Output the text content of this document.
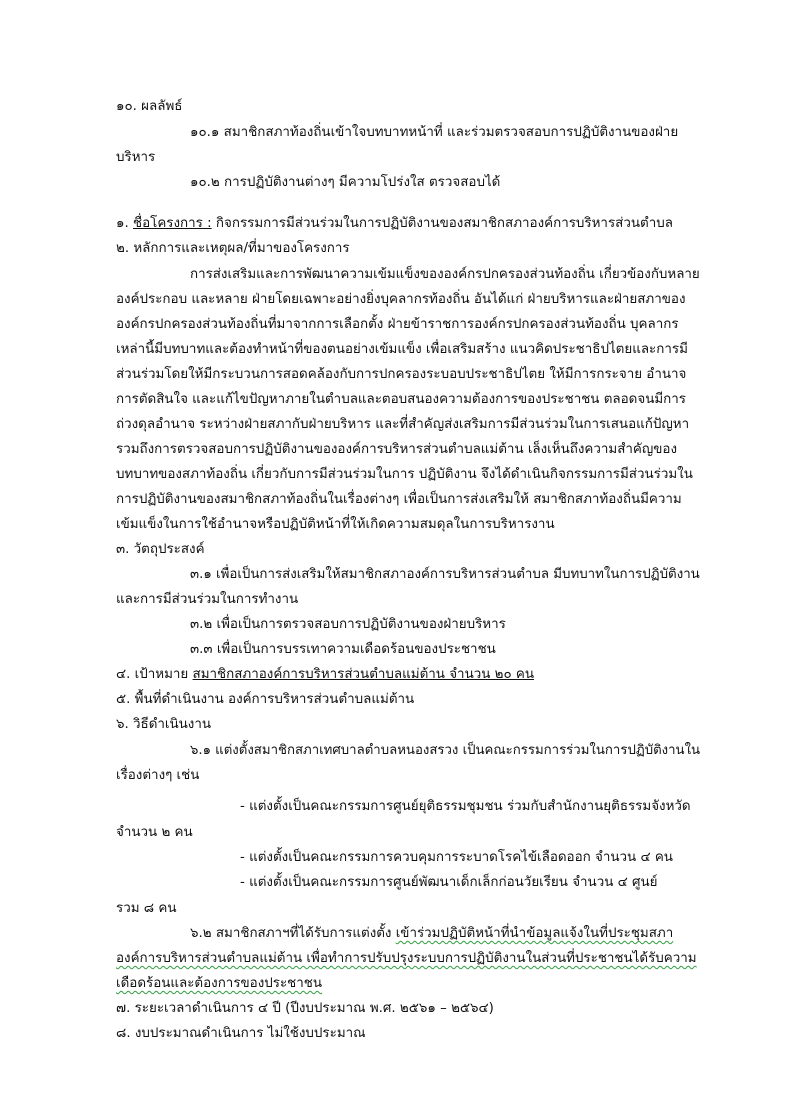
๑๐. ผลลัพธ์
๑๐.๑ สมาชิกสภาท้องถิ่นเข้าใจบทบาทหน้าที่ และร่วมตรวจสอบการปฏิบัติงานของฝ่าย
บริหาร
๑๐.๒ การปฏิบัติงานต่างๆ มีความโปร่งใส ตรวจสอบได้
๑. ชื่อโครงการ : กิจกรรมการมีส่วนร่วมในการปฏิบัติงานของสมาชิกสภาองค์การบริหารส่วนตำบล
๒. หลักการและเหตุผล/ที่มาของโครงการ
การส่งเสริมและการพัฒนาความเข้มแข็งขององค์กรปกครองส่วนท้องถิ่น เกี่ยวข้องกับหลาย
องค์ประกอบ และหลาย ฝ่ายโดยเฉพาะอย่างยิ่งบุคลากรท้องถิ่น อันได้แก่ ฝ่ายบริหารและฝ่ายสภาของ
องค์กรปกครองส่วนท้องถิ่นที่มาจากการเลือกตั้ง ฝ่ายข้าราชการองค์กรปกครองส่วนท้องถิ่น บุคลากร
เหล่านี้มีบทบาทและต้องทำหน้าที่ของตนอย่างเข้มแข็ง เพื่อเสริมสร้าง แนวคิดประชาธิปไตยและการมี
ส่วนร่วมโดยให้มีกระบวนการสอดคล้องกับการปกครองระบอบประชาธิปไตย ให้มีการกระจาย อำนาจ
การตัดสินใจ และแก้ไขปัญหาภายในตำบลและตอบสนองความต้องการของประชาชน ตลอดจนมีการ
ถ่วงดุลอำนาจ ระหว่างฝ่ายสภากับฝ่ายบริหาร และที่สำคัญส่งเสริมการมีส่วนร่วมในการเสนอแก้ปัญหา
รวมถึงการตรวจสอบการปฏิบัติงานขององค์การบริหารส่วนตำบลแม่ต้าน เล็งเห็นถึงความสำคัญของ
บทบาทของสภาท้องถิ่น เกี่ยวกับการมีส่วนร่วมในการ ปฏิบัติงาน จึงได้ดำเนินกิจกรรมการมีส่วนร่วมใน
การปฏิบัติงานของสมาชิกสภาท้องถิ่นในเรื่องต่างๆ เพื่อเป็นการส่งเสริมให้ สมาชิกสภาท้องถิ่นมีความ
เข้มแข็งในการใช้อำนาจหรือปฏิบัติหน้าที่ให้เกิดความสมดุลในการบริหารงาน
๓. วัตถุประสงค์
๓.๑ เพื่อเป็นการส่งเสริมให้สมาชิกสภาองค์การบริหารส่วนตำบล มีบทบาทในการปฏิบัติงาน
และการมีส่วนร่วมในการทำงาน
๓.๒ เพื่อเป็นการตรวจสอบการปฏิบัติงานของฝ่ายบริหาร
๓.๓ เพื่อเป็นการบรรเทาความเดือดร้อนของประชาชน
๔. เป้าหมาย สมาชิกสภาองค์การบริหารส่วนตำบลแม่ต้าน จำนวน ๒๐ คน
๕. พื้นที่ดำเนินงาน องค์การบริหารส่วนตำบลแม่ต้าน
๖. วิธีดำเนินงาน
๖.๑ แต่งตั้งสมาชิกสภาเทศบาลตำบลหนองสรวง เป็นคณะกรรมการร่วมในการปฏิบัติงานใน
เรื่องต่างๆ เช่น
- แต่งตั้งเป็นคณะกรรมการศูนย์ยุติธรรมชุมชน ร่วมกับสำนักงานยุติธรรมจังหวัด
จำนวน ๒ คน
- แต่งตั้งเป็นคณะกรรมการควบคุมการระบาดโรคไข้เลือดออก จำนวน ๔ คน
- แต่งตั้งเป็นคณะกรรมการศูนย์พัฒนาเด็กเล็กก่อนวัยเรียน จำนวน ๔ ศูนย์
รวม ๘ คน
๖.๒ สมาชิกสภาฯที่ได้รับการแต่งตั้ง เข้าร่วมปฏิบัติหน้าที่นำข้อมูลแจ้งในที่ประชุมสภา
องค์การบริหารส่วนตำบลแม่ต้าน เพื่อทำการปรับปรุงระบบการปฏิบัติงานในส่วนที่ประชาชนได้รับความ
เดือดร้อนและต้องการของประชาชน
๗. ระยะเวลาดำเนินการ ๔ ปี (ปีงบประมาณ พ.ศ. ๒๕๖๑ – ๒๕๖๔)
๘. งบประมาณดำเนินการ ไม่ใช้งบประมาณ
